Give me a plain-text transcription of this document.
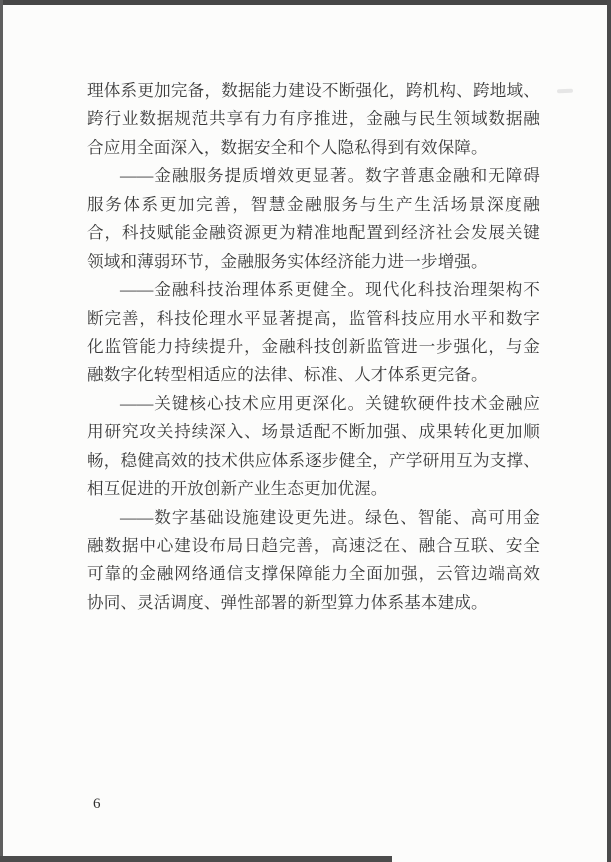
理体系更加完备，数据能力建设不断强化，跨机构、跨地域、
跨行业数据规范共享有力有序推进，金融与民生领域数据融
合应用全面深入，数据安全和个人隐私得到有效保障。
——金融服务提质增效更显著。数字普惠金融和无障碍
服务体系更加完善，智慧金融服务与生产生活场景深度融
合，科技赋能金融资源更为精准地配置到经济社会发展关键
领域和薄弱环节，金融服务实体经济能力进一步增强。
——金融科技治理体系更健全。现代化科技治理架构不
断完善，科技伦理水平显著提高，监管科技应用水平和数字
化监管能力持续提升，金融科技创新监管进一步强化，与金
融数字化转型相适应的法律、标准、人才体系更完备。
——关键核心技术应用更深化。关键软硬件技术金融应
用研究攻关持续深入、场景适配不断加强、成果转化更加顺
畅，稳健高效的技术供应体系逐步健全，产学研用互为支撑、
相互促进的开放创新产业生态更加优渥。
——数字基础设施建设更先进。绿色、智能、高可用金
融数据中心建设布局日趋完善，高速泛在、融合互联、安全
可靠的金融网络通信支撑保障能力全面加强，云管边端高效
协同、灵活调度、弹性部署的新型算力体系基本建成。
6
